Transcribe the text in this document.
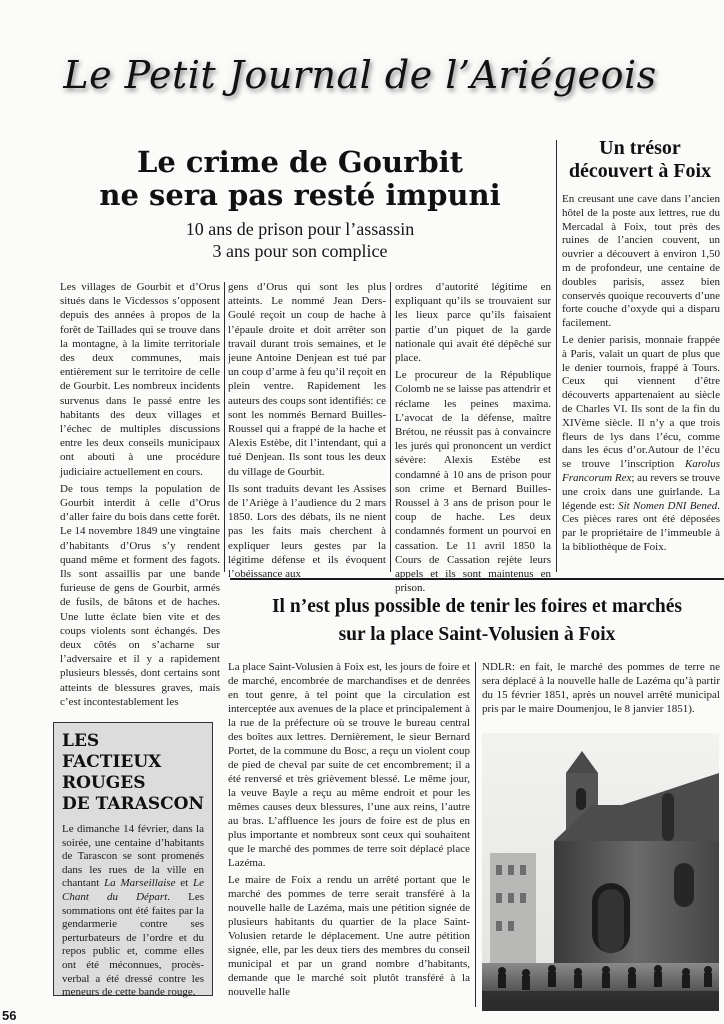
Le Petit Journal de l’Ariégeois
Le crime de Gourbit
ne sera pas resté impuni
10 ans de prison pour l’assassin
3 ans pour son complice

Les villages de Gourbit et d’Orus situés dans le Vicdessos s’opposent depuis des années à propos de la forêt de Taillades qui se trouve dans la montagne, à la limite territoriale des deux communes, mais entièrement sur le territoire de celle de Gourbit. Les nombreux incidents survenus dans le passé entre les habitants des deux villages et l’échec de multiples discussions entre les deux conseils municipaux ont abouti à une procédure judiciaire actuellement en cours.

De tous temps la population de Gourbit interdit à celle d’Orus d’aller faire du bois dans cette forêt. Le 14 novembre 1849 une vingtaine d’habitants d’Orus s’y rendent quand même et forment des fagots. Ils sont assaillis par une bande furieuse de gens de Gourbit, armés de fusils, de bâtons et de haches. Une lutte éclate bien vite et des coups violents sont échangés. Des deux côtés on s’acharne sur l’adversaire et il y a rapidement plusieurs blessés, dont certains sont atteints de blessures graves, mais c’est incontestablement les

gens d’Orus qui sont les plus atteints. Le nommé Jean Ders-Goulé reçoit un coup de hache à l’épaule droite et doit arrêter son travail durant trois semaines, et le jeune Antoine Denjean est tué par un coup d’arme à feu qu’il reçoit en plein ventre. Rapidement les auteurs des coups sont identifiés: ce sont les nommés Bernard Builles-Roussel qui a frappé de la hache et Alexis Estèbe, dit l’intendant, qui a tué Denjean. Ils sont tous les deux du village de Gourbit.

Ils sont traduits devant les Assises de l’Ariège à l’audience du 2 mars 1850. Lors des débats, ils ne nient pas les faits mais cherchent à expliquer leurs gestes par la légitime défense et ils évoquent l’obéissance aux

ordres d’autorité légitime en expliquant qu’ils se trouvaient sur les lieux parce qu’ils faisaient partie d’un piquet de la garde nationale qui avait été dépêché sur place.

Le procureur de la République Colomb ne se laisse pas attendrir et réclame les peines maxima. L’avocat de la défense, maître Brétou, ne réussit pas à convaincre les jurés qui prononcent un verdict sévère: Alexis Estèbe est condamné à 10 ans de prison pour son crime et Bernard Builles-Roussel à 3 ans de prison pour le coup de hache. Les deux condamnés forment un pourvoi en cassation. Le 11 avril 1850 la Cours de Cassation rejète leurs appels et ils sont maintenus en prison.

Un trésor
découvert à Foix

En creusant une cave dans l’ancien hôtel de la poste aux lettres, rue du Mercadal à Foix, tout près des ruines de l’ancien couvent, un ouvrier a découvert à environ 1,50 m de profondeur, une centaine de doubles parisis, assez bien conservés quoique recouverts d’une forte couche d’oxyde qui a disparu facilement.

Le denier parisis, monnaie frappée à Paris, valait un quart de plus que le denier tournois, frappé à Tours. Ceux qui viennent d’être découverts appartenaient au siècle de Charles VI. Ils sont de la fin du XIVème siècle. Il n’y a que trois fleurs de lys dans l’écu, comme dans les écus d’or.Autour de l’écu se trouve l’inscription Karolus Francorum Rex; au revers se trouve une croix dans une guirlande. La légende est: Sit Nomen DNI Bened. Ces pièces rares ont été déposées par le propriétaire de l’immeuble à la bibliothèque de Foix.

Il n’est plus possible de tenir les foires et marchés
sur la place Saint-Volusien à Foix

La place Saint-Volusien à Foix est, les jours de foire et de marché, encombrée de marchandises et de denrées en tout genre, à tel point que la circulation est interceptée aux avenues de la place et principalement à la rue de la préfecture où se trouve le bureau central des boîtes aux lettres. Dernièrement, le sieur Bernard Portet, de la commune du Bosc, a reçu un violent coup de pied de cheval par suite de cet encombrement; il a été renversé et très grièvement blessé. Le même jour, la veuve Bayle a reçu au même endroit et pour les mêmes causes deux blessures, l’une aux reins, l’autre au bras. L’affluence les jours de foire est de plus en plus importante et nombreux sont ceux qui souhaitent que le marché des pommes de terre soit déplacé place Lazéma.

Le maire de Foix a rendu un arrêté portant que le marché des pommes de terre serait transféré à la nouvelle halle de Lazéma, mais une pétition signée de plusieurs habitants du quartier de la place Saint-Volusien retarde le déplacement. Une autre pétition signée, elle, par les deux tiers des membres du conseil municipal et par un grand nombre d’habitants, demande que le marché soit plutôt transféré à la nouvelle halle

NDLR: en fait, le marché des pommes de terre ne sera déplacé à la nouvelle halle de Lazéma qu’à partir du 15 février 1851, après un nouvel arrêté municipal pris par le maire Doumenjou, le 8 janvier 1851).

LES FACTIEUX
ROUGES
DE TARASCON
Le dimanche 14 février, dans la soirée, une centaine d’habitants de Tarascon se sont promenés dans les rues de la ville en chantant La Marseillaise et Le Chant du Départ. Les sommations ont été faites par la gendarmerie contre ses perturbateurs de l’ordre et du repos public et, comme elles ont été méconnues, procès-verbal a été dressé contre les meneurs de cette bande rouge.
56
